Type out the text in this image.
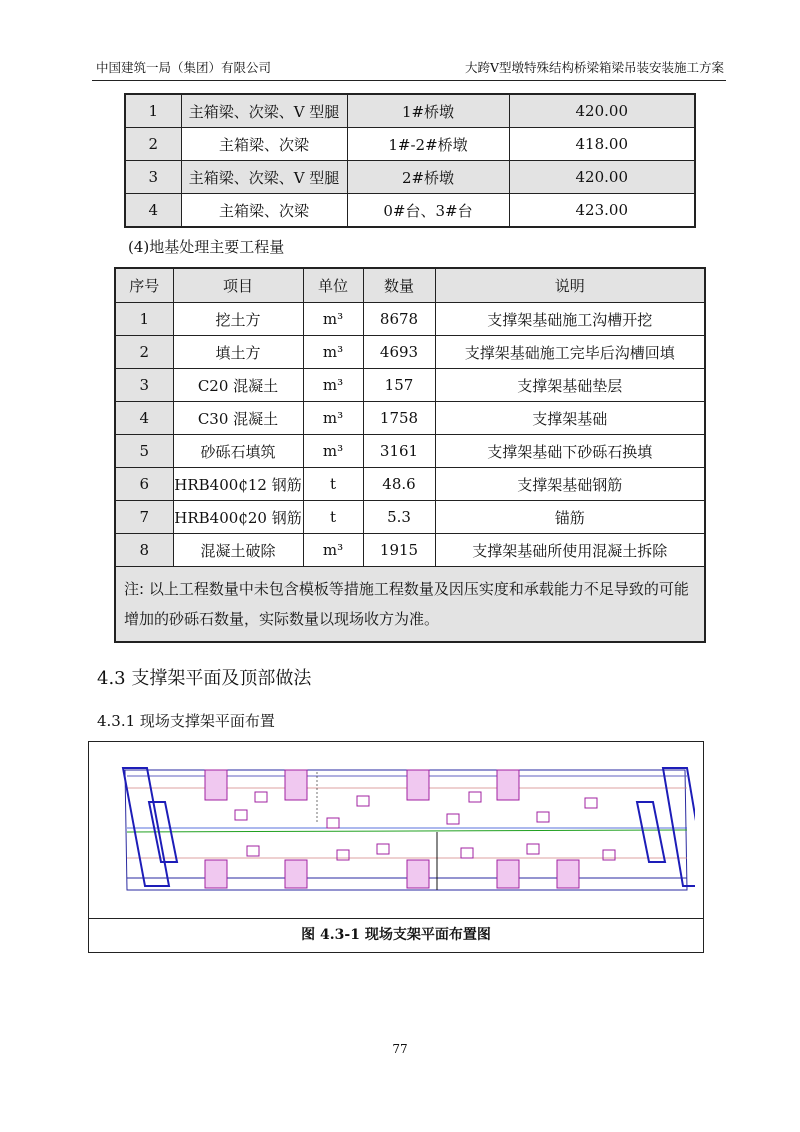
中国建筑一局（集团）有限公司	大跨V型墩特殊结构桥梁箱梁吊装安装施工方案
1	主箱梁、次梁、V 型腿	1#桥墩	420.00
2	主箱梁、次梁	1#-2#桥墩	418.00
3	主箱梁、次梁、V 型腿	2#桥墩	420.00
4	主箱梁、次梁	0#台、3#台	423.00
(4)地基处理主要工程量
序号	项目	单位	数量	说明
1	挖土方	m³	8678	支撑架基础施工沟槽开挖
2	填土方	m³	4693	支撑架基础施工完毕后沟槽回填
3	C20 混凝土	m³	157	支撑架基础垫层
4	C30 混凝土	m³	1758	支撑架基础
5	砂砾石填筑	m³	3161	支撑架基础下砂砾石换填
6	HRB400₵12 钢筋	t	48.6	支撑架基础钢筋
7	HRB400₵20 钢筋	t	5.3	锚筋
8	混凝土破除	m³	1915	支撑架基础所使用混凝土拆除
注: 以上工程数量中未包含模板等措施工程数量及因压实度和承载能力不足导致的可能增加的砂砾石数量，实际数量以现场收方为准。				
4.3 支撑架平面及顶部做法
4.3.1 现场支撑架平面布置
图 4.3-1 现场支架平面布置图
77
